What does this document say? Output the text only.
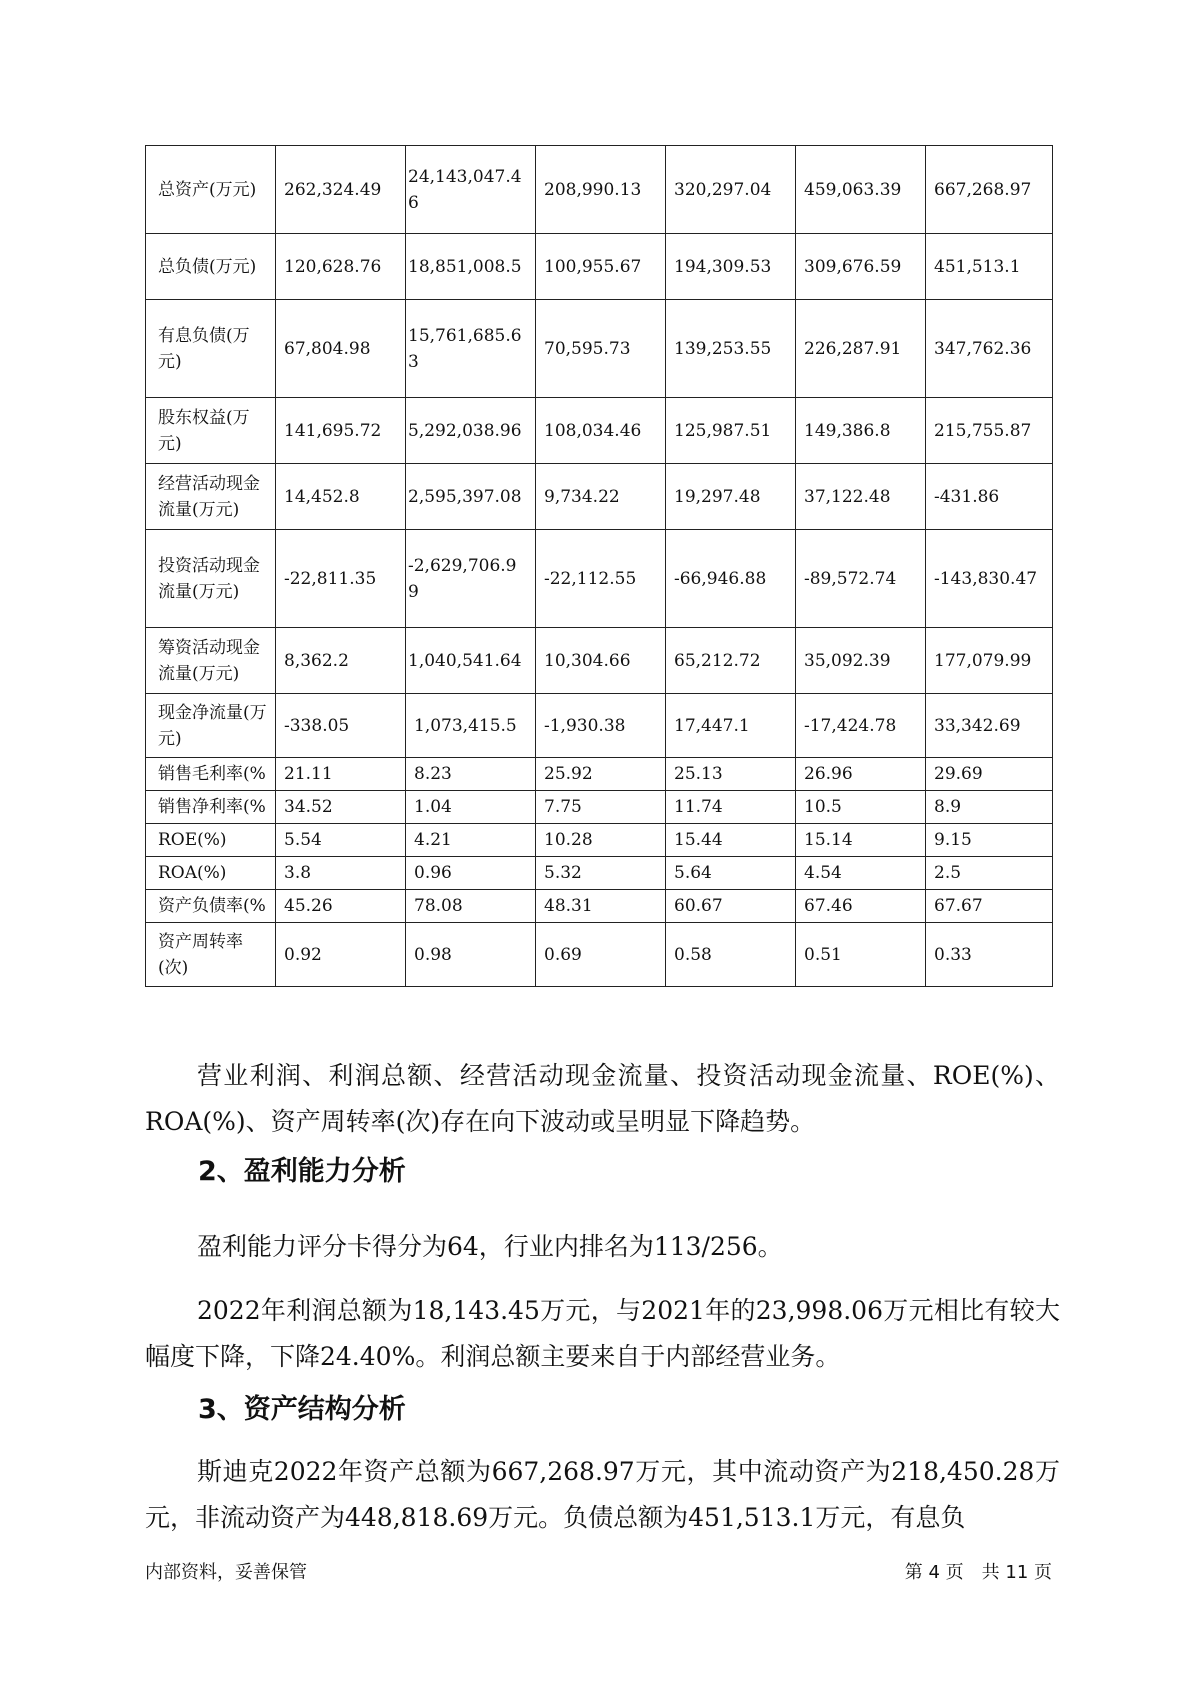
总资产(万元)	262,324.49	24,143,047.46	208,990.13	320,297.04	459,063.39	667,268.97
总负债(万元)	120,628.76	18,851,008.5	100,955.67	194,309.53	309,676.59	451,513.1
有息负债(万元)	67,804.98	15,761,685.63	70,595.73	139,253.55	226,287.91	347,762.36
股东权益(万元)	141,695.72	5,292,038.96	108,034.46	125,987.51	149,386.8	215,755.87
经营活动现金流量(万元)	14,452.8	2,595,397.08	9,734.22	19,297.48	37,122.48	-431.86
投资活动现金流量(万元)	-22,811.35	-2,629,706.99	-22,112.55	-66,946.88	-89,572.74	-143,830.47
筹资活动现金流量(万元)	8,362.2	1,040,541.64	10,304.66	65,212.72	35,092.39	177,079.99
现金净流量(万元)	-338.05	1,073,415.5	-1,930.38	17,447.1	-17,424.78	33,342.69
销售毛利率(%	21.11	8.23	25.92	25.13	26.96	29.69
销售净利率(%	34.52	1.04	7.75	11.74	10.5	8.9
ROE(%)	5.54	4.21	10.28	15.44	15.14	9.15
ROA(%)	3.8	0.96	5.32	5.64	4.54	2.5
资产负债率(%	45.26	78.08	48.31	60.67	67.46	67.67
资产周转率(次)	0.92	0.98	0.69	0.58	0.51	0.33

营业利润、利润总额、经营活动现金流量、投资活动现金流量、ROE(%)、ROA(%)、资产周转率(次)存在向下波动或呈明显下降趋势。

2、盈利能力分析

盈利能力评分卡得分为64，行业内排名为113/256。

2022年利润总额为18,143.45万元，与2021年的23,998.06万元相比有较大幅度下降，下降24.40%。利润总额主要来自于内部经营业务。

3、资产结构分析

斯迪克2022年资产总额为667,268.97万元，其中流动资产为218,450.28万元，非流动资产为448,818.69万元。负债总额为451,513.1万元，有息负

内部资料，妥善保管	第 4 页　共 11 页
